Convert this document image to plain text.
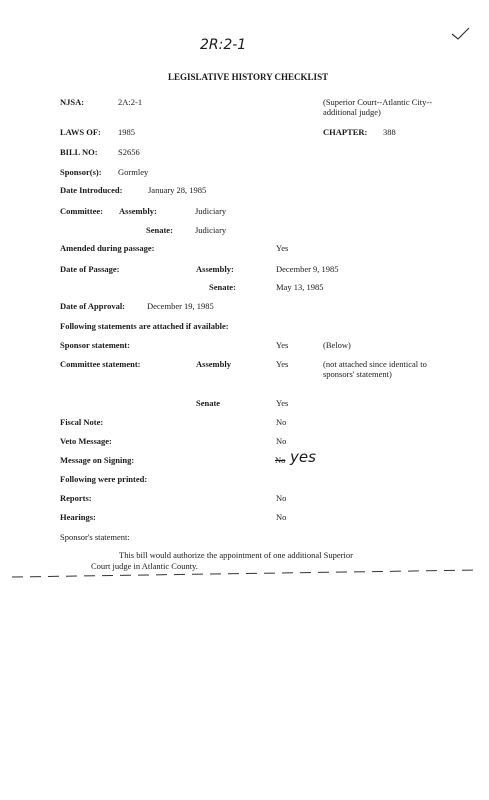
2R:2-1
LEGISLATIVE HISTORY CHECKLIST
NJSA:	2A:2-1	(Superior Court--Atlantic City--additional judge)
LAWS OF: 1985	CHAPTER: 388
BILL NO: S2656
Sponsor(s): Gormley
Date Introduced:	January 28, 1985
Committee: Assembly:	Judiciary
Senate:	Judiciary
Amended during passage:	Yes
Date of Passage:	Assembly:	December 9, 1985
Senate:	May 13, 1985
Date of Approval:	December 19, 1985
Following statements are attached if available:
Sponsor statement:	Yes	(Below)
Committee statement:	Assembly	Yes	(not attached since identical to sponsors' statement)
Senate	Yes
Fiscal Note:	No
Veto Message:	No
Message on Signing:	No yes
Following were printed:
Reports:	No
Hearings:	No
Sponsor's statement:
This bill would authorize the appointment of one additional Superior
Court judge in Atlantic County.
